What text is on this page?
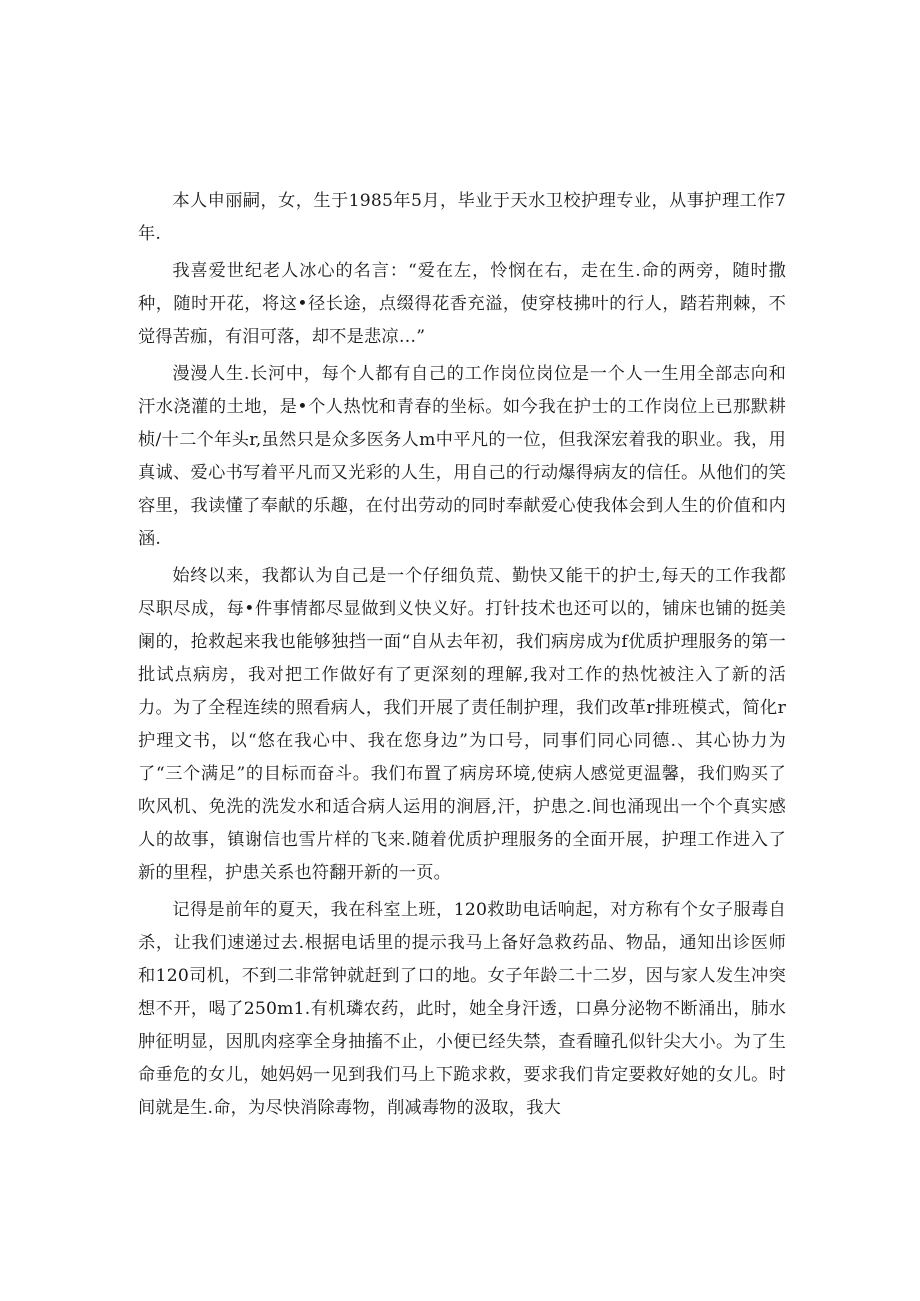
本人申丽嗣，女，生于1985年5月，毕业于天水卫校护理专业，从事护理工作7年.

我喜爱世纪老人冰心的名言：“爱在左，怜悯在右，走在生.命的两旁，随时撒种，随时开花，将这•径长途，点缀得花香充溢，使穿枝拂叶的行人，踏若荆棘，不觉得苦痂，有泪可落，却不是悲凉…”

漫漫人生.长河中，每个人都有自己的工作岗位岗位是一个人一生用全部志向和汗水浇灌的土地，是•个人热忱和青春的坐标。如今我在护士的工作岗位上已那默耕桢/十二个年头r,虽然只是众多医务人m中平凡的一位，但我深宏着我的职业。我，用真诚、爱心书写着平凡而又光彩的人生，用自己的行动爆得病友的信任。从他们的笑容里，我读懂了奉献的乐趣，在付出劳动的同时奉献爱心使我体会到人生的价值和内涵.

始终以来，我都认为自己是一个仔细负荒、勤快又能干的护士,每天的工作我都尽职尽成，每•件事情都尽显做到义快义好。打针技术也还可以的，铺床也铺的挺美阑的，抢救起来我也能够独挡一面“自从去年初，我们病房成为f优质护理服务的第一批试点病房，我对把工作做好有了更深刻的理解,我对工作的热忱被注入了新的活力。为了全程连续的照看病人，我们开展了责任制护理，我们改革r排班模式，简化r护理文书，以“悠在我心中、我在您身边”为口号，同事们同心同德.、其心协力为了“三个满足”的目标而奋斗。我们布置了病房环境,使病人感觉更温馨，我们购买了吹风机、免洗的洗发水和适合病人运用的涧唇,汗，护患之.间也涌现出一个个真实感人的故事，镇谢信也雪片样的飞来.随着优质护理服务的全面开展，护理工作进入了新的里程，护患关系也符翻开新的一页。

记得是前年的夏天，我在科室上班，120救助电话响起，对方称有个女子服毒自杀，让我们速递过去.根据电话里的提示我马上备好急救药品、物品，通知出诊医师和120司机，不到二非常钟就赶到了口的地。女子年龄二十二岁，因与家人发生冲突想不开，喝了250m1.有机璘农药，此时，她全身汗透，口鼻分泌物不断涌出，肺水肿征明显，因肌肉痉挛全身抽搐不止，小便已经失禁，查看瞳孔似针尖大小。为了生命垂危的女儿，她妈妈一见到我们马上下跪求救，要求我们肯定要救好她的女儿。时间就是生.命，为尽快消除毒物，削减毒物的汲取，我大
